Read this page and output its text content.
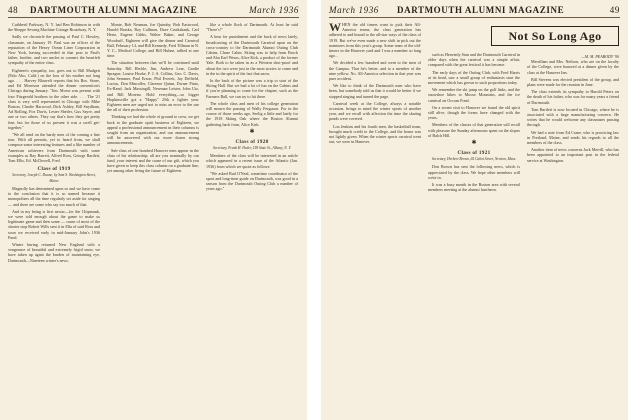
48 DARTMOUTH ALUMNI MAGAZINE	March 1936

Cuthbertl Parkway, N. Y. had Ben Robinson in with the Sheppe Sewing Machine Cottage Broadway, N. Y.

Sadly we chronicle the passing of Paul C. Howley, classmate, on January 19. Paul was an officer of the reputation of the Heavy Ocean Liner Corporation in New York, having succeeded in that post to Paul's father, brother, and two uncles to connect the heartfelt sympathy of the entire class.

Eighteen's sympathy, too, goes out to Bill Mudgett (Palo Alto, Calif.) on the loss of his mother not long ago. . . . Harvey Blauvelt reports that his Bos. Stone, and Ed Morrison attended the dinner convention's Chicago during January. "Jim. Morse was present with four Fitzgerald brothers in the other side. . . . The '21 class is very well represented in Chicago with Mike Boston, Charlie Harwood, Dick Ashley, Bill Snydham, Ad Rolling, Fox Davis, Lester Shetler, Gus Sayre, and one or two others. They say that's how they get pretty fine, but for those of us present it was a swell get-together."

"We all send on the hardy men of the coming a fine tour. With all permits, yet to heard from, we shall compose some interesting features and a like number of American achievers from Dartmouth with some examples as Ray Barrett, Alfred Ross, George Bartlett, Tom Ellis, Ed. McDowell, Fred

Class of 1919
Secretary, Joseph C. Duane, by Sam S. Washington Street, Maine

Magnolly has determined upon so and we have come to the conclusion that it is so named because it monopolizes all the time regularly set aside for singing — and there are some who say too much of that.

And in my being is first nectar—for the Chipmunk, we were told enough about the game to make us legitimate game and then some — cause of most of the shorter stop Robert Wills sent it in Ella of said Ross and soon we received early in mid-January John's 1936 Fund.

Winter having returned New England with a vengeance of beautiful and extremely frigid snow, we have taken up again the burden of maintaining eye, Dartmouth—Nineteen winter's news.

Monte, Bob Neuman, Joe Quimby, Bob Eastwood, Harold Braska, Roy Cullinan, Dave Cruikshank, Carl Hertz, Eugene Gibbs, Walter Baker, and George Woodruff, Eighteen will give the dinner and Carnival Ball, February 14, and Bill Kennedy, Fred Tillman in N. Y. C., Medical College, and Bill Huhne, rallied at one time.

The situation between that we'll be continued until Saturday. Bill Heckle, Jim, Andrew Lear, Gardie Sprague, Louise Hooke, F. J. A. Collins, Geo. C. Davis, John Semmer, Paul Erson, Phil Everett, Jay Delfield, Lucius, Don Mincoller, Clarence Quinn, Dwner Pinto, Ex-Rand, Jack Massingill, Newman Leister, John Utz, and Bill Moreno. Hold everything—so bigger Hopkinsville got a "Happy" 25th a lighter year. Eighteen men are urged not to miss an error to the use the all of their profession.

Thinking we had the whole of ground to crow, we get back to the graduate spirit business of Eighteen, we appeal a professional announcement in their columns is sought from an organization, and our announcement will be answered with our more dozen strong announcements.

Sub-class of one hundred Hanover men appear in the class of his relationship; all are you nominally by our fund, your interest and the cause of our gift, which you have given to keep this class column on a graduate line, yet among other living the future of Eighteen.

like a whole flock of Dartmouth. At least he said "There's!"

A bear for punishment and the back of news lately, broadcasting of the Dartmouth Carnival upon on the cross-country to the Dartmouth Alumni Outing Club Cabins, Chase Cabin. Skiing was to help from Brock and Ahu Earl Wears, Alice Kirk, a product of the former Yale. Both to be taken in as a Western shot-proof and about the two were just in the most stories to come and in the in the spirit of the fact that snow.

In the back of the picture was a trip to start of the Skiing Hall. But we had a lot of fun on the Cabins and if you're planning to come for the chapter, such as the Farmers Ball, we can try to hit there.

The whole class and men of his college generation will mourn the passing of Wally Ferguson. For in the course of those weeks ago, Seelig a little and lately for the 1918 Skiing Oak where the Boston Alumni gathering back from, Alice Kirk.

✱
Class of 1920
Secretary, Frank H. Heder, 158 State St., Albany, N. Y.

Members of the class will be interested in an article which appeared in a recent issue of the Atlantic (Jan. 1936) from which we quote as follows:

"We asked Bud O'Neal, sometime coordinator of the sport and long-time guide on Dartmouth, was good in a season from the Dartmouth Outing Club a number of years ago."

March 1936 DARTMOUTH ALUMNI MAGAZINE	49
Not So Long Ago

WHEN the old timers want to pick their All-America teams, the class generation has adhered to and bound to the all-star ways of the class of 1919. But we've even made a new shift in pick out the nominees from this year's group. Some team of the old-timers in the Hanover yard and I was a member so long ago...

We decided a few hundred and went to the men of the Campus. That he's better, and to a member of the nine yellow: No. All-America selection in that year was pure accident.

We like to think of the Dartmouth men who have been, but somebody told us that it would be better if we stopped singing and turned the page.

Carnival week at the College, always a notable occasion, brings to mind the winter sports of another year, and we recall with affection the time the skating ponds were covered.

Lou Jenkins and his fourth men, the basketball team, brought much credit to the College, and the honor was not lightly given. When the winter sports carnival went out, we were in Hanover.

such as Heavenly Stan and the Dartmouth Carnival in older days when the carnival was a simple affair, compared with the great festival it has become.

The early days of the Outing Club, with Fred Harris at its head, saw a small group of enthusiasts start the movement which has grown to such proportions today.

We remember the ski jump on the golf links, and the snowshoe hikes to Moose Mountain, and the ice carnival on Occom Pond.

On a recent visit to Hanover we found the old spirit still alive, though the forms have changed with the years.

Members of the classes of that generation will recall with pleasure the Sunday afternoons spent on the slopes of Balch Hill.

✱
Class of 1921
Secretary, Herbert Brown, 65 Cabot Street, Newton, Mass.

Don Brown has sent the following news, which is appreciated by the class. We hope other members will write in.

It was a busy month in the Boston area with several members meeting at the alumni luncheon.

—M. M. PEABODY '90

Merrillam and Mrs. Neilson, who are on the faculty of the College, were honored at a dinner given by the class at the Hanover Inn.

Bill Stevens was elected president of the group, and plans were made for the reunion in June.

The class extends its sympathy to Harold Peters on the death of his father, who was for many years a friend of Dartmouth.

Tom Bartlett is now located in Chicago, where he is associated with a large manufacturing concern. He writes that he would welcome any classmates passing through.

We had a note from Ed Crane, who is practicing law in Portland, Maine, and sends his regards to all the members of the class.

Another item of news concerns Jack Merrill, who has been appointed to an important post in the federal service at Washington.
